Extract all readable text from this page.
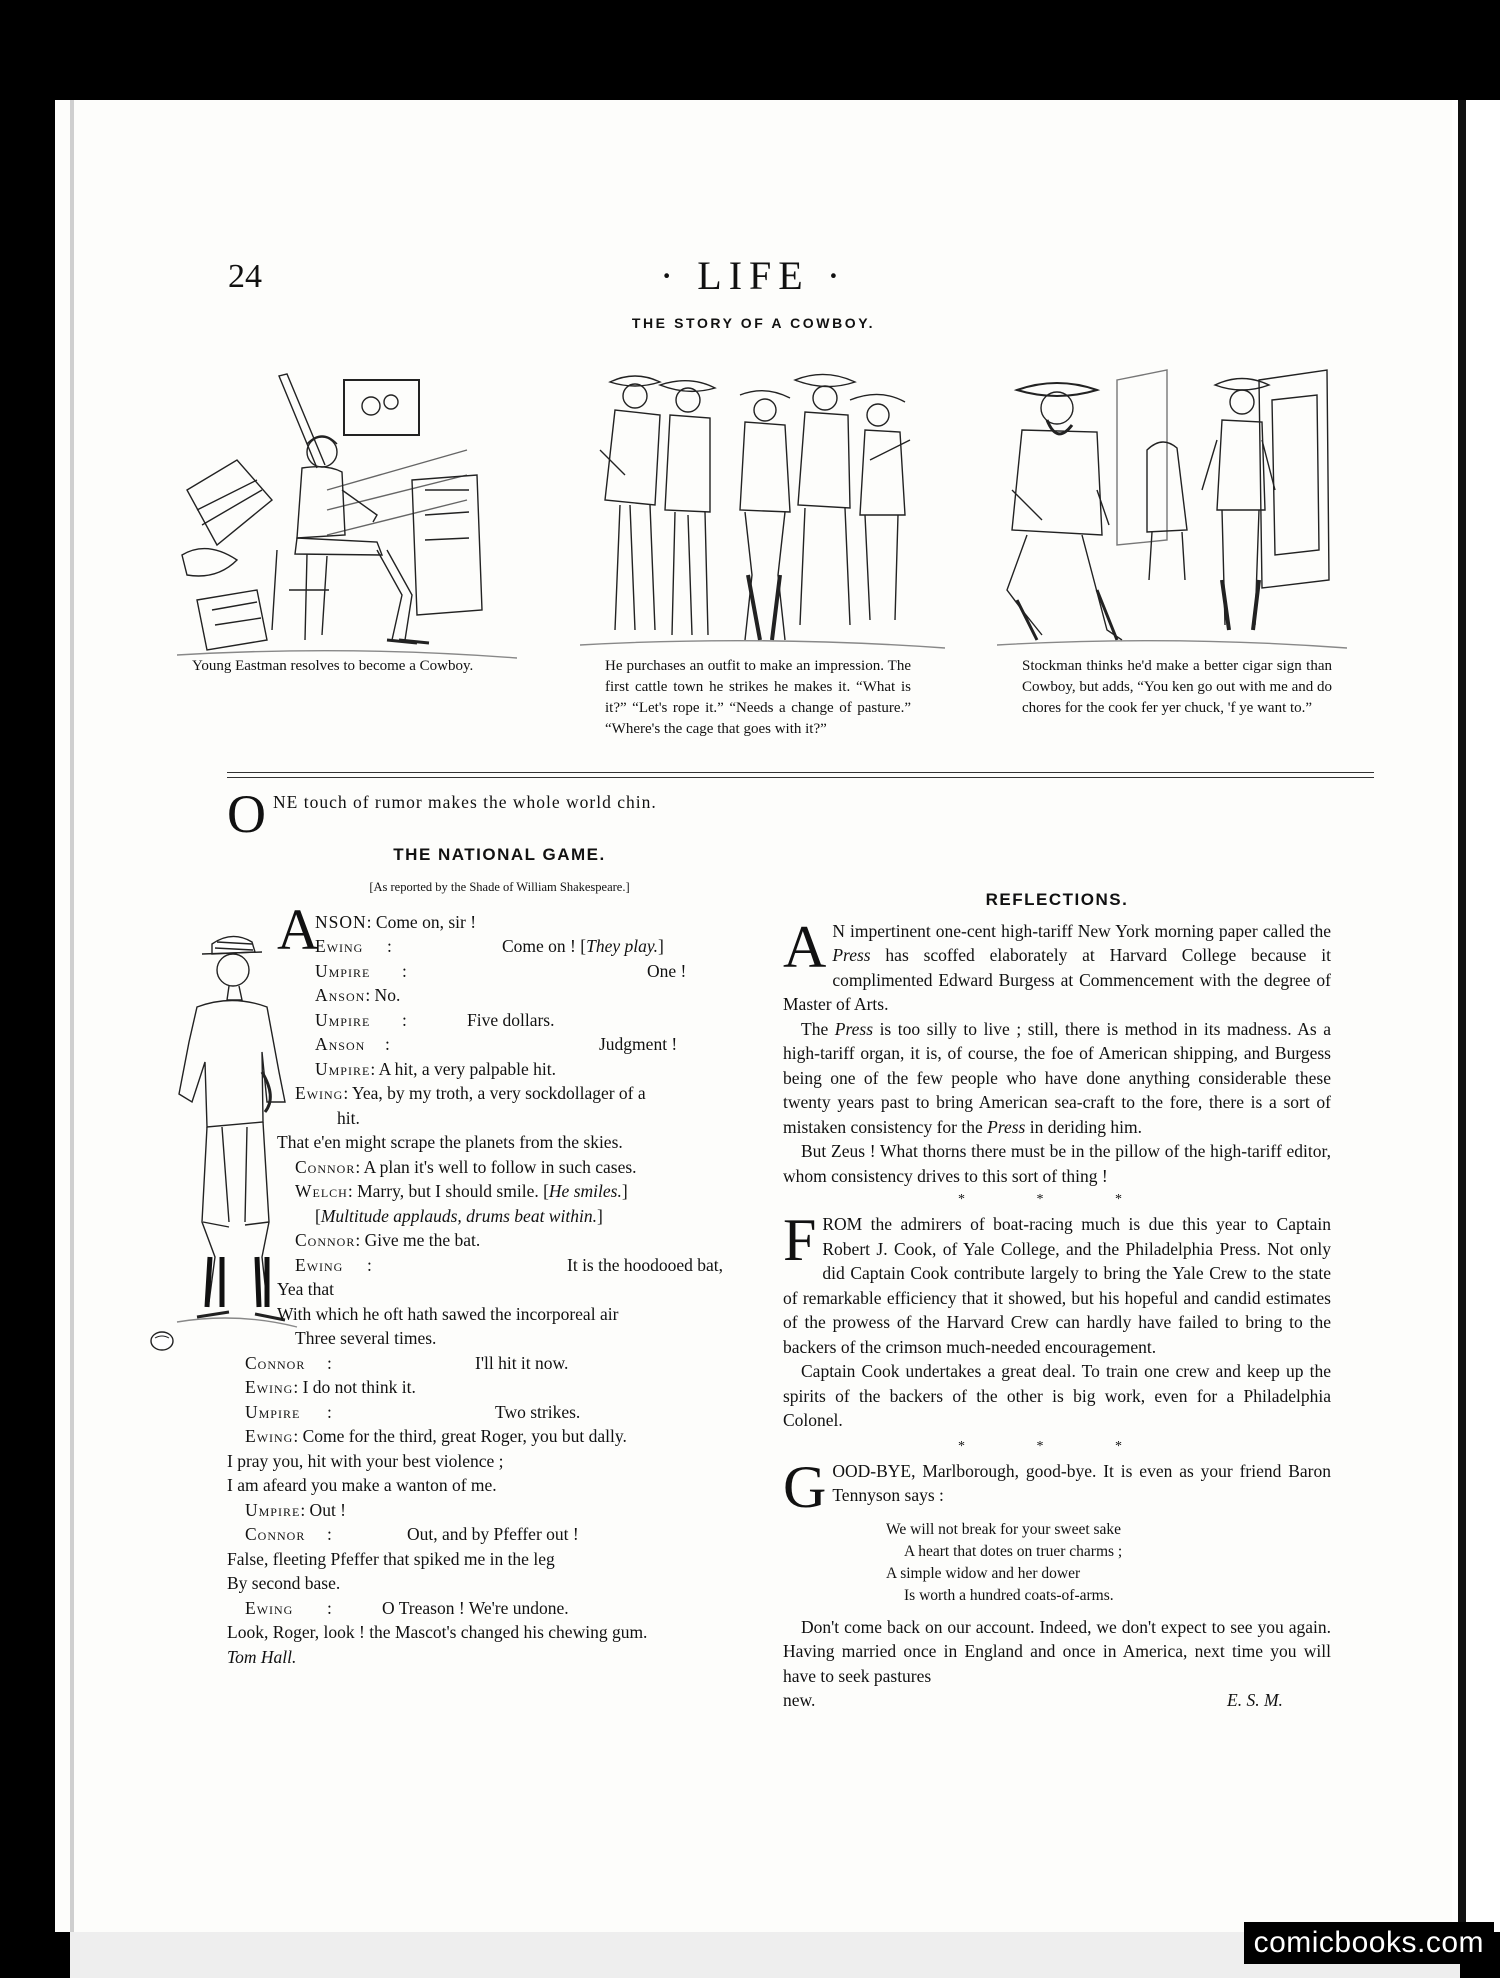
24	· LIFE ·
THE STORY OF A COWBOY.
Young Eastman resolves to become a Cowboy.	He purchases an outfit to make an impression. The first cattle town he strikes he makes it. “What is it?” “Let's rope it.” “Needs a change of pasture.” “Where's the cage that goes with it?”
Stockman thinks he'd make a better cigar sign than Cowboy, but adds, “You ken go out with me and do chores for the cook fer yer chuck, 'f ye want to.”

ONE touch of rumor makes the whole world chin.

THE NATIONAL GAME.
[As reported by the Shade of William Shakespeare.]
A
NSON: Come on, sir !
Ewing :	Come on ! [They play.]
Umpire :	One !
Anson: No.
Umpire :	Five dollars.
Anson :	Judgment !
Umpire: A hit, a very palpable hit.
Ewing: Yea, by my troth, a very sockdollager of a
hit.
That e'en might scrape the planets from the skies.
Connor: A plan it's well to follow in such cases.
Welch: Marry, but I should smile. [He smiles.]
[Multitude applauds, drums beat within.]
Connor: Give me the bat.
Ewing :	It is the hoodooed bat,
Yea that
With which he oft hath sawed the incorporeal air
Three several times.
Connor :	I'll hit it now.
Ewing: I do not think it.
Umpire :	Two strikes.
Ewing: Come for the third, great Roger, you but dally.
I pray you, hit with your best violence ;
I am afeard you make a wanton of me.
Umpire: Out !
Connor :	Out, and by Pfeffer out !
False, fleeting Pfeffer that spiked me in the leg
By second base.
Ewing :	O Treason ! We're undone.
Look, Roger, look ! the Mascot's changed his chewing gum.
Tom Hall.
REFLECTIONS.

A N impertinent one-cent high-tariff New York morning paper called the Press has scoffed elaborately at Harvard College because it complimented Edward Burgess at Commencement with the degree of Master of Arts.

The Press is too silly to live ; still, there is method in its madness. As a high-tariff organ, it is, of course, the foe of American shipping, and Burgess being one of the few people who have done anything considerable these twenty years past to bring American sea-craft to the fore, there is a sort of mistaken consistency for the Press in deriding him.

But Zeus ! What thorns there must be in the pillow of the high-tariff editor, whom consistency drives to this sort of thing !

* * *

FROM the admirers of boat-racing much is due this year to Captain Robert J. Cook, of Yale College, and the Philadelphia Press. Not only did Captain Cook contribute largely to bring the Yale Crew to the state of remarkable efficiency that it showed, but his hopeful and candid estimates of the prowess of the Harvard Crew can hardly have failed to bring to the backers of the crimson much-needed encouragement.

Captain Cook undertakes a great deal. To train one crew and keep up the spirits of the backers of the other is big work, even for a Philadelphia Colonel.

* * *

GOOD-BYE, Marlborough, good-bye. It is even as your friend Baron Tennyson says :

We will not break for your sweet sake
A heart that dotes on truer charms ;
A simple widow and her dower
Is worth a hundred coats-of-arms.

Don't come back on our account. Indeed, we don't expect to see you again. Having married once in England and once in America, next time you will have to seek pastures

new.	E. S. M.
comicbooks.com
